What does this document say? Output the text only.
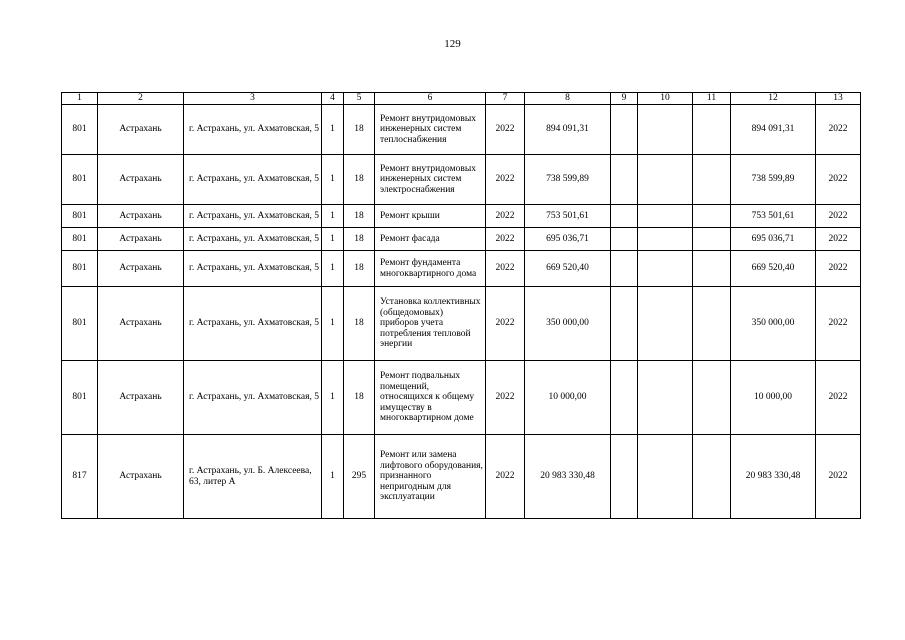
129
1	2	3	4	5	6	7	8	9	10	11	12	13
801	Астрахань	г. Астрахань, ул. Ахматовская, 5	1	18	Ремонт внутридомовых инженерных систем теплоснабжения	2022	894 091,31				894 091,31	2022
801	Астрахань	г. Астрахань, ул. Ахматовская, 5	1	18	Ремонт внутридомовых инженерных систем электроснабжения	2022	738 599,89				738 599,89	2022
801	Астрахань	г. Астрахань, ул. Ахматовская, 5	1	18	Ремонт крыши	2022	753 501,61				753 501,61	2022
801	Астрахань	г. Астрахань, ул. Ахматовская, 5	1	18	Ремонт фасада	2022	695 036,71				695 036,71	2022
801	Астрахань	г. Астрахань, ул. Ахматовская, 5	1	18	Ремонт фундамента многоквартирного дома	2022	669 520,40				669 520,40	2022
801	Астрахань	г. Астрахань, ул. Ахматовская, 5	1	18	Установка коллективных (общедомовых) приборов учета потребления тепловой энергии	2022	350 000,00				350 000,00	2022
801	Астрахань	г. Астрахань, ул. Ахматовская, 5	1	18	Ремонт подвальных помещений, относящихся к общему имуществу в многоквартирном доме	2022	10 000,00				10 000,00	2022
817	Астрахань	г. Астрахань, ул. Б. Алексеева, 63, литер А	1	295	Ремонт или замена лифтового оборудования, признанного непригодным для эксплуатации	2022	20 983 330,48				20 983 330,48	2022
